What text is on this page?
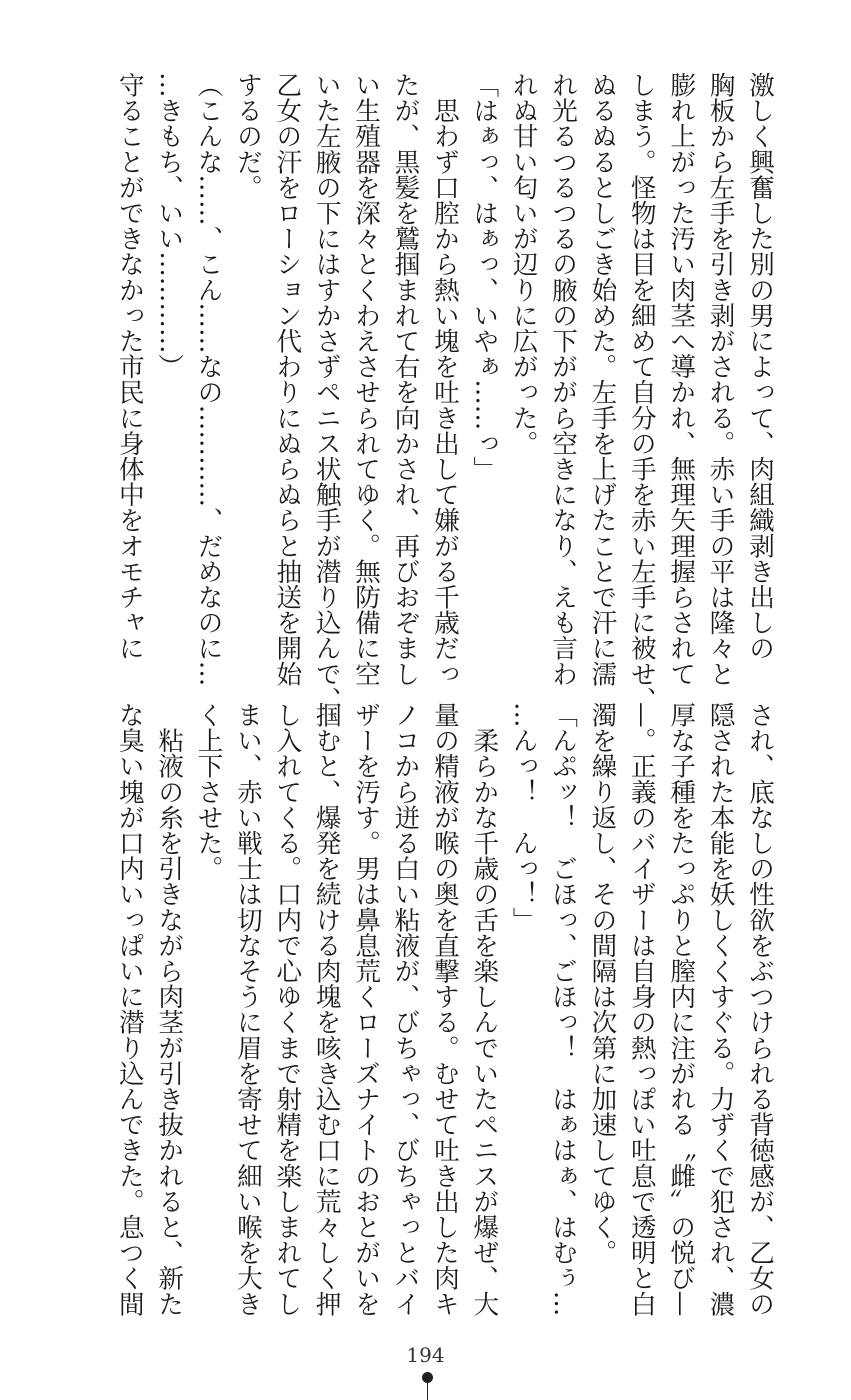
激しく興奮した別の男によって、肉組織剥き出しの
胸板から左手を引き剥がされる。赤い手の平は隆々と
膨れ上がった汚い肉茎へ導かれ、無理矢理握らされて
しまう。怪物は目を細めて自分の手を赤い左手に被せ、
ぬるぬるとしごき始めた。左手を上げたことで汗に濡
れ光るつるつるの腋の下ががら空きになり、えも言わ
れぬ甘い匂いが辺りに広がった。
「はぁっ、はぁっ、いやぁ……っ」
　思わず口腔から熱い塊を吐き出して嫌がる千歳だっ
たが、黒髪を鷲掴まれて右を向かされ、再びおぞまし
い生殖器を深々とくわえさせられてゆく。無防備に空
いた左腋の下にはすかさずペニス状触手が潜り込んで、
乙女の汗をローション代わりにぬらぬらと抽送を開始
するのだ。
（こんな……、こん……なの…………、だめなのに…
…きもち、いい…………）
守ることができなかった市民に身体中をオモチャに
され、底なしの性欲をぶつけられる背徳感が、乙女の
隠された本能を妖しくくすぐる。力ずくで犯され、濃
厚な子種をたっぷりと膣内に注がれる〝雌〟の悦び—
—。正義のバイザーは自身の熱っぽい吐息で透明と白
濁を繰り返し、その間隔は次第に加速してゆく。
「んぷッ！　ごほっ、ごほっ！　はぁはぁ、はむぅ…
…んっ！　んっ！」
　柔らかな千歳の舌を楽しんでいたペニスが爆ぜ、大
量の精液が喉の奥を直撃する。むせて吐き出した肉キ
ノコから迸る白い粘液が、びちゃっ、びちゃっとバイ
ザーを汚す。男は鼻息荒くローズナイトのおとがいを
掴むと、爆発を続ける肉塊を咳き込む口に荒々しく押
し入れてくる。口内で心ゆくまで射精を楽しまれてし
まい、赤い戦士は切なそうに眉を寄せて細い喉を大き
く上下させた。
　粘液の糸を引きながら肉茎が引き抜かれると、新た
な臭い塊が口内いっぱいに潜り込んできた。息つく間
194
